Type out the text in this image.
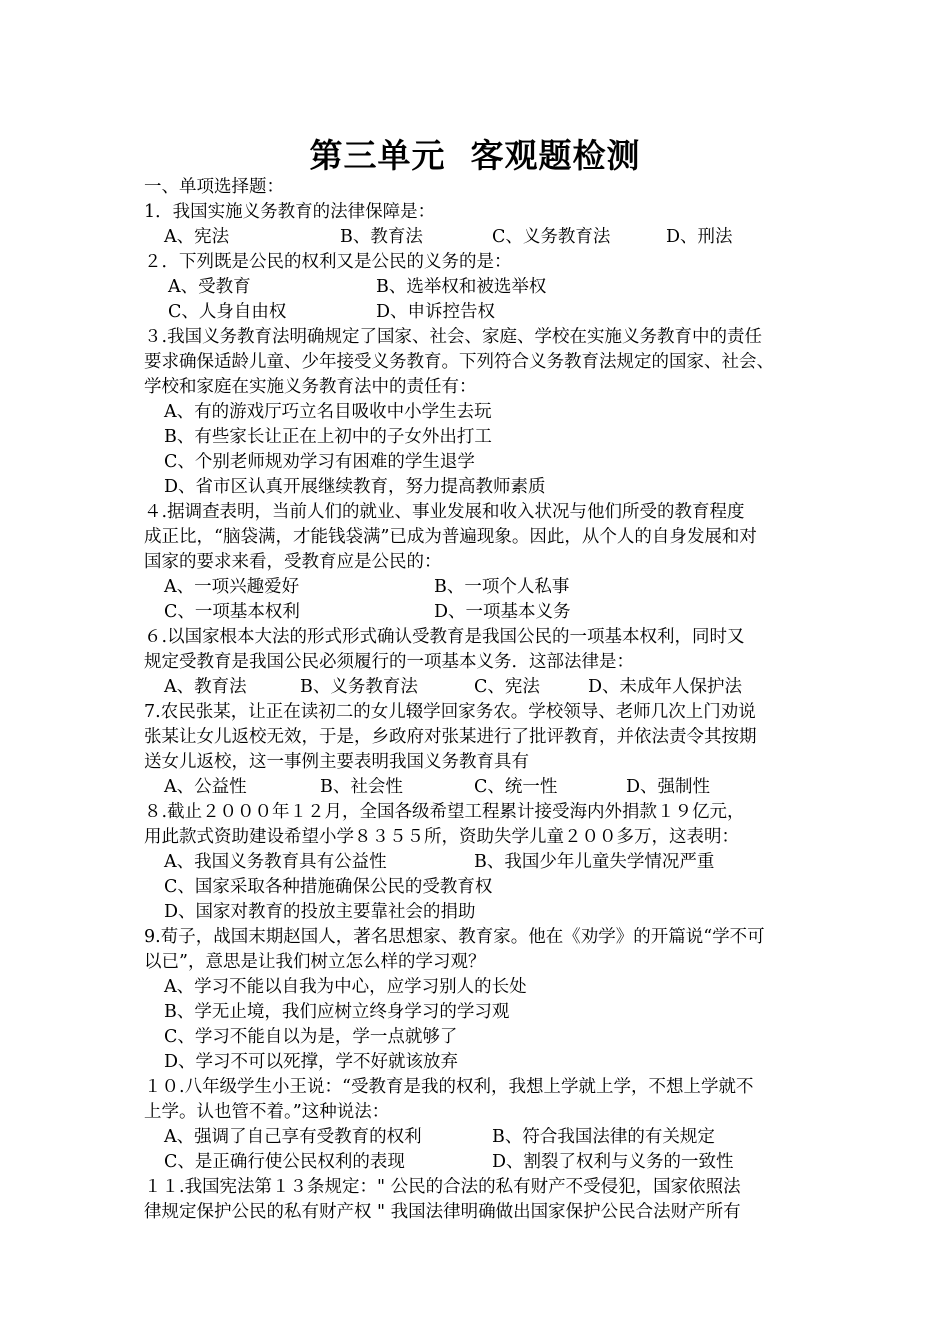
第三单元  客观题检测
一、单项选择题：
1．我国实施义务教育的法律保障是：
A、宪法	B、教育法	C、义务教育法	D、刑法
２．下列既是公民的权利又是公民的义务的是：
A、受教育	B、选举权和被选举权
C、人身自由权	D、申诉控告权
３.我国义务教育法明确规定了国家、社会、家庭、学校在实施义务教育中的责任
要求确保适龄儿童、少年接受义务教育。下列符合义务教育法规定的国家、社会、
学校和家庭在实施义务教育法中的责任有：
A、有的游戏厅巧立名目吸收中小学生去玩
B、有些家长让正在上初中的子女外出打工
C、个别老师规劝学习有困难的学生退学
D、省市区认真开展继续教育，努力提高教师素质
４.据调查表明，当前人们的就业、事业发展和收入状况与他们所受的教育程度
成正比，“脑袋满，才能钱袋满”已成为普遍现象。因此，从个人的自身发展和对
国家的要求来看，受教育应是公民的：
A、一项兴趣爱好	B、一项个人私事
C、一项基本权利	D、一项基本义务
６.以国家根本大法的形式形式确认受教育是我国公民的一项基本权利，同时又
规定受教育是我国公民必须履行的一项基本义务．这部法律是：
A、教育法	B、义务教育法	C、宪法	D、未成年人保护法
7.农民张某，让正在读初二的女儿辍学回家务农。学校领导、老师几次上门劝说
张某让女儿返校无效，于是，乡政府对张某进行了批评教育，并依法责令其按期
送女儿返校，这一事例主要表明我国义务教育具有
A、公益性	B、社会性	C、统一性	D、强制性
８.截止２０００年１２月，全国各级希望工程累计接受海内外捐款１９亿元，
用此款式资助建设希望小学８３５５所，资助失学儿童２００多万，这表明：
A、我国义务教育具有公益性	B、我国少年儿童失学情况严重
C、国家采取各种措施确保公民的受教育权
D、国家对教育的投放主要靠社会的捐助
9.荀子，战国末期赵国人，著名思想家、教育家。他在《劝学》的开篇说“学不可
以已”，意思是让我们树立怎么样的学习观？
A、学习不能以自我为中心，应学习别人的长处
B、学无止境，我们应树立终身学习的学习观
C、学习不能自以为是，学一点就够了
D、学习不可以死撑，学不好就该放弃
１０.八年级学生小王说：“受教育是我的权利，我想上学就上学，不想上学就不
上学。认也管不着。”这种说法：
A、强调了自己享有受教育的权利	B、符合我国法律的有关规定
C、是正确行使公民权利的表现	D、割裂了权利与义务的一致性
１１.我国宪法第１３条规定：" 公民的合法的私有财产不受侵犯，国家依照法
律规定保护公民的私有财产权 " 我国法律明确做出国家保护公民合法财产所有
